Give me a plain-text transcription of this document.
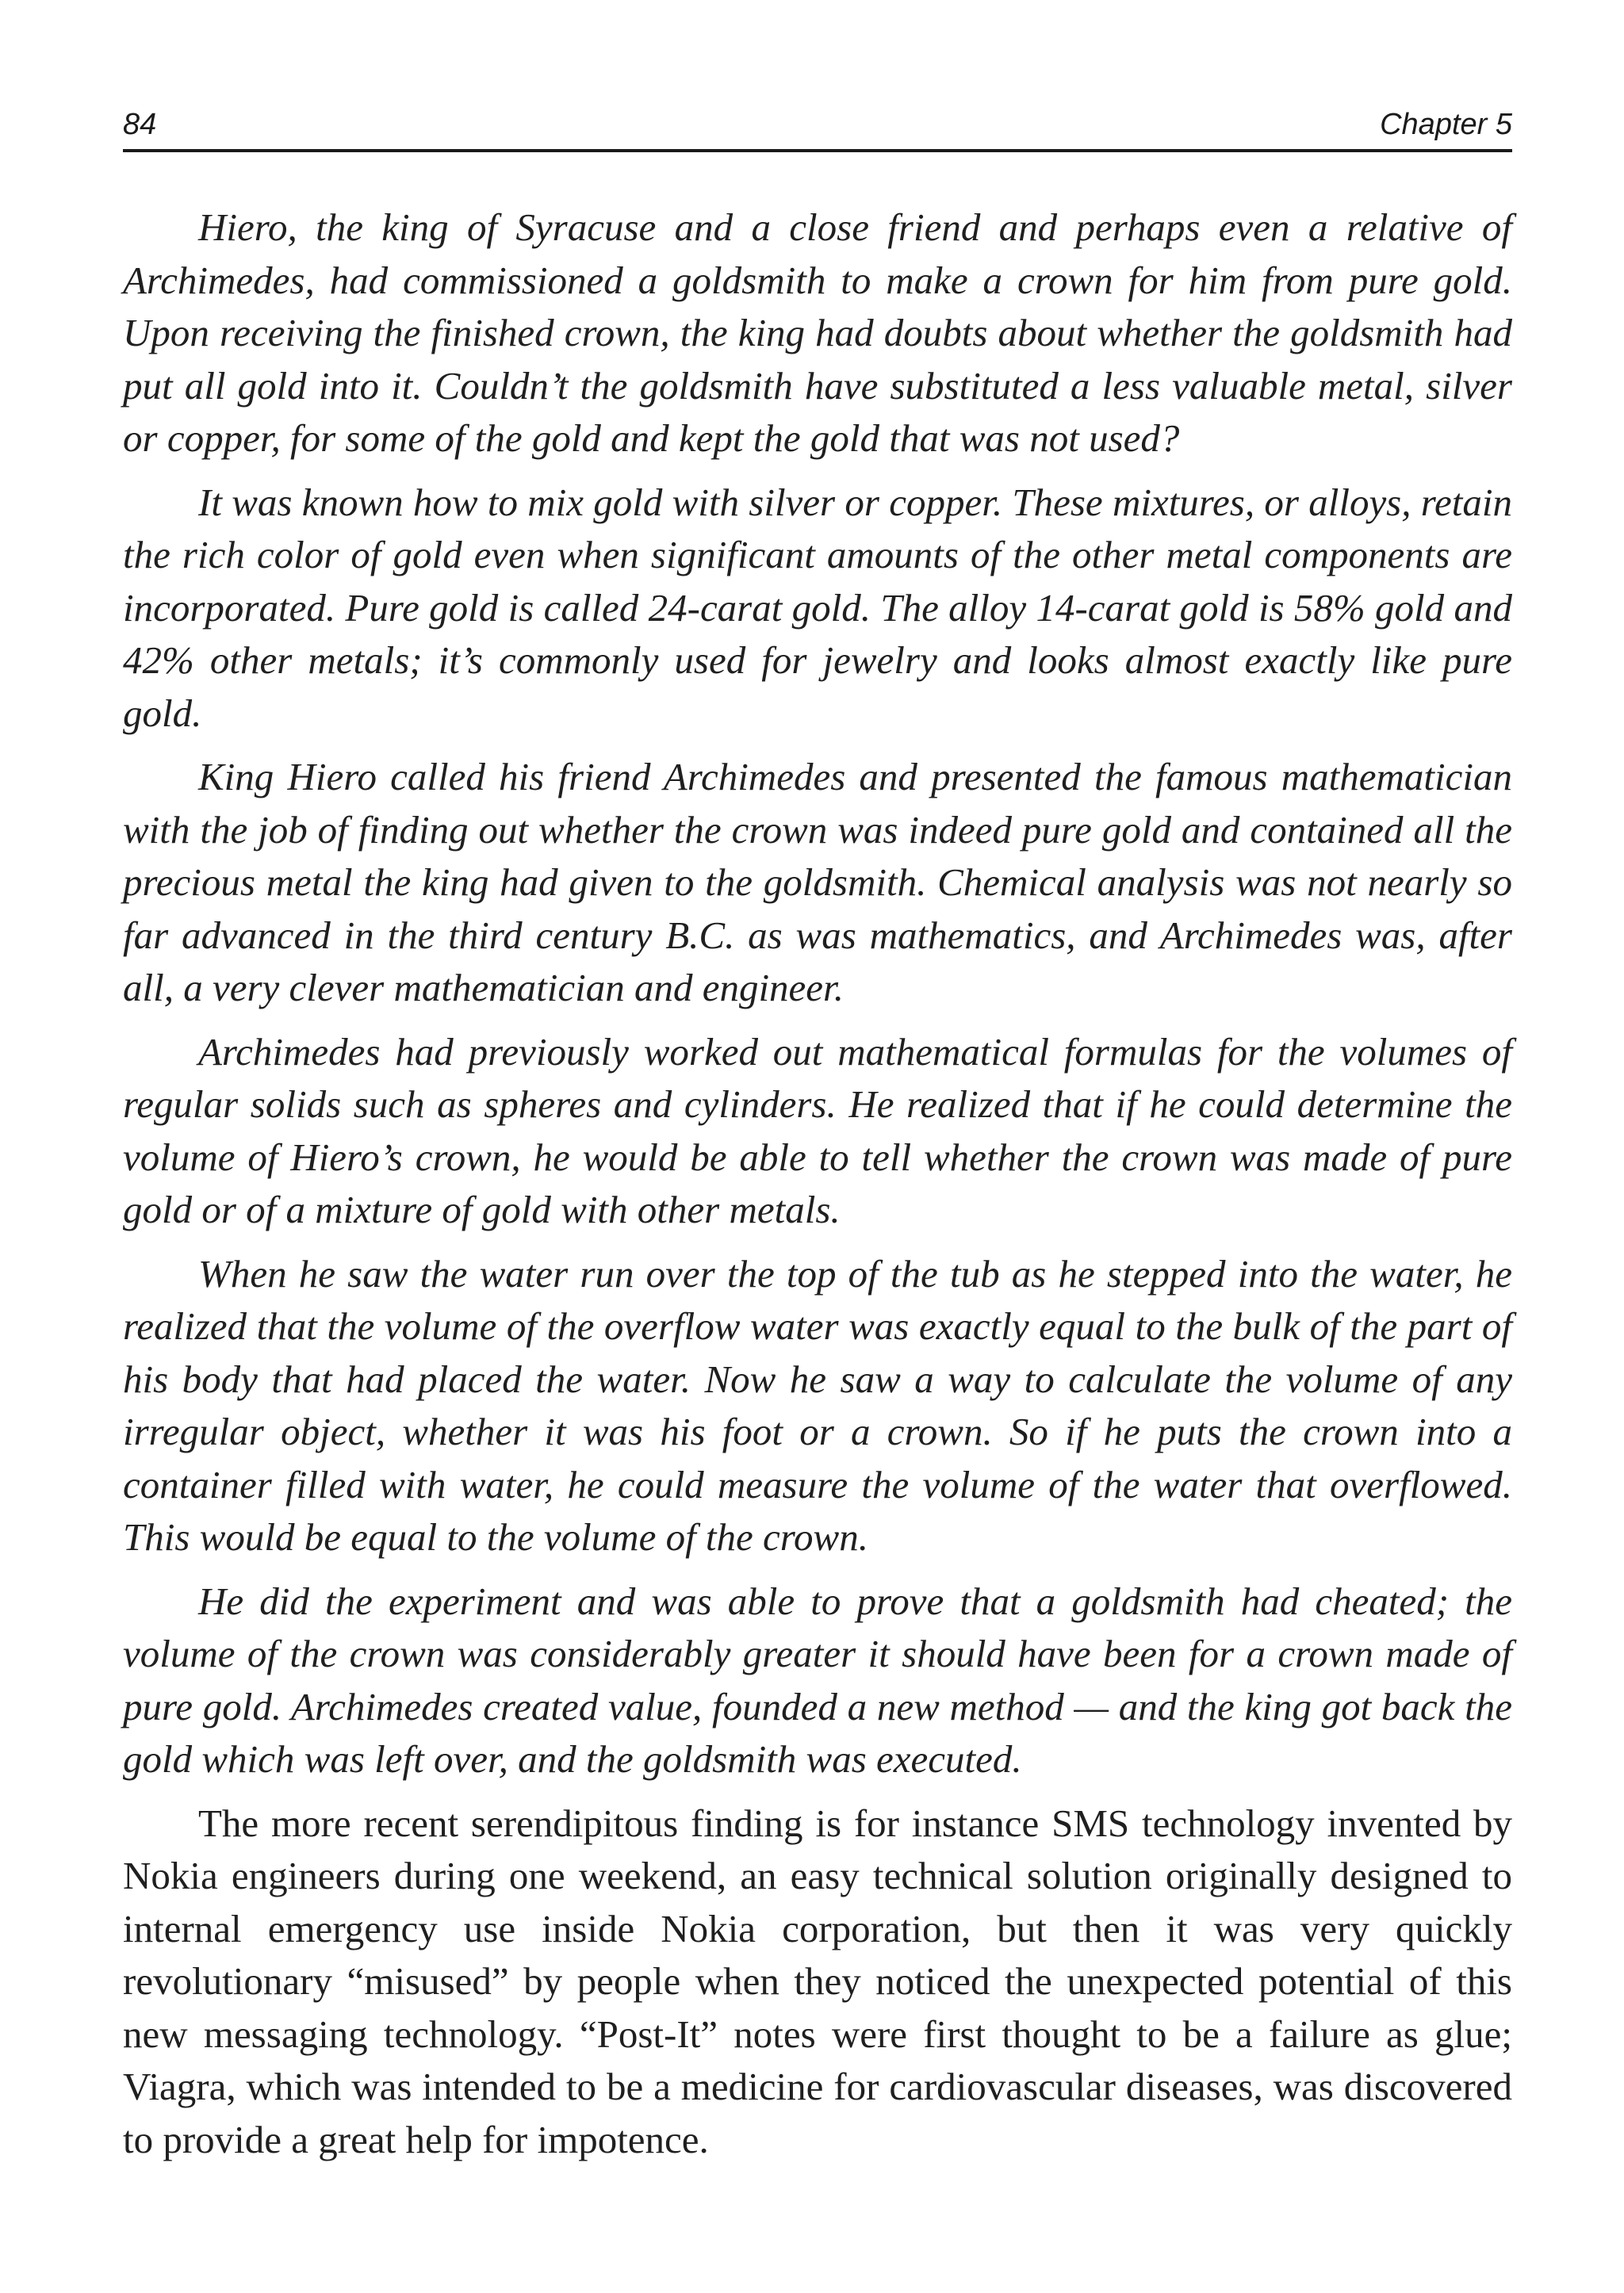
84	Chapter 5

Hiero, the king of Syracuse and a close friend and perhaps even a relative of Archimedes, had commissioned a goldsmith to make a crown for him from pure gold. Upon receiving the finished crown, the king had doubts about whether the goldsmith had put all gold into it. Couldn’t the goldsmith have substituted a less valuable metal, silver or copper, for some of the gold and kept the gold that was not used?

It was known how to mix gold with silver or copper. These mixtures, or alloys, retain the rich color of gold even when significant amounts of the other metal components are incorporated. Pure gold is called 24-carat gold. The alloy 14-carat gold is 58% gold and 42% other metals; it’s commonly used for jewelry and looks almost exactly like pure gold.

King Hiero called his friend Archimedes and presented the famous mathematician with the job of finding out whether the crown was indeed pure gold and contained all the precious metal the king had given to the goldsmith. Chemical analysis was not nearly so far advanced in the third century B.C. as was mathematics, and Archimedes was, after all, a very clever mathematician and engineer.

Archimedes had previously worked out mathematical formulas for the volumes of regular solids such as spheres and cylinders. He realized that if he could determine the volume of Hiero’s crown, he would be able to tell whether the crown was made of pure gold or of a mixture of gold with other metals.

When he saw the water run over the top of the tub as he stepped into the water, he realized that the volume of the overflow water was exactly equal to the bulk of the part of his body that had placed the water. Now he saw a way to calculate the volume of any irregular object, whether it was his foot or a crown. So if he puts the crown into a container filled with water, he could measure the volume of the water that overflowed. This would be equal to the volume of the crown.

He did the experiment and was able to prove that a goldsmith had cheated; the volume of the crown was considerably greater it should have been for a crown made of pure gold. Archimedes created value, founded a new method — and the king got back the gold which was left over, and the goldsmith was executed.

The more recent serendipitous finding is for instance SMS technology invented by Nokia engineers during one weekend, an easy technical solution originally designed to internal emergency use inside Nokia corporation, but then it was very quickly revolutionary “misused” by people when they noticed the unexpected potential of this new messaging technology. “Post-It” notes were first thought to be a failure as glue; Viagra, which was intended to be a medicine for cardiovascular diseases, was discovered to provide a great help for impotence.
